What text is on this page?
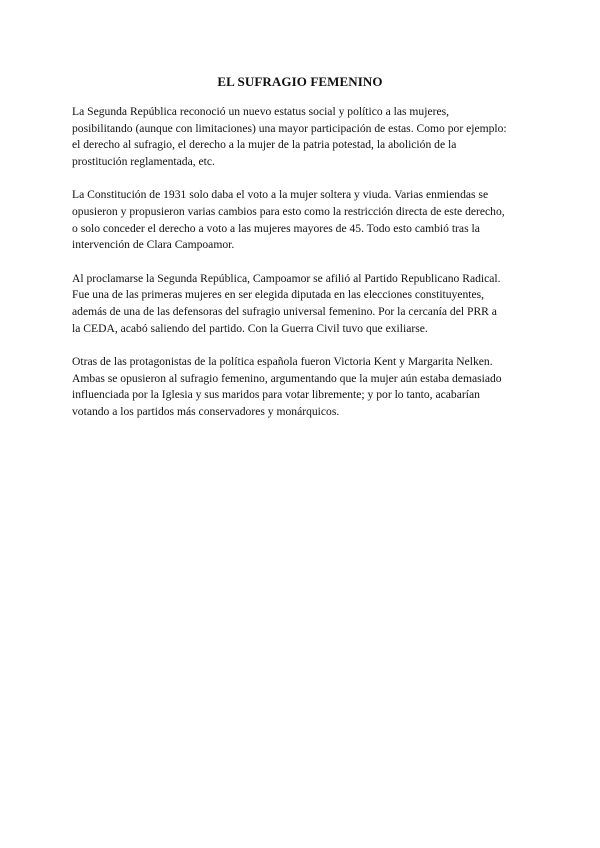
EL SUFRAGIO FEMENINO

La Segunda República reconoció un nuevo estatus social y político a las mujeres,
posibilitando (aunque con limitaciones) una mayor participación de estas. Como por ejemplo:
el derecho al sufragio, el derecho a la mujer de la patria potestad, la abolición de la
prostitución reglamentada, etc.

La Constitución de 1931 solo daba el voto a la mujer soltera y viuda. Varias enmiendas se
opusieron y propusieron varias cambios para esto como la restricción directa de este derecho,
o solo conceder el derecho a voto a las mujeres mayores de 45. Todo esto cambió tras la
intervención de Clara Campoamor.

Al proclamarse la Segunda República, Campoamor se afilió al Partido Republicano Radical.
Fue una de las primeras mujeres en ser elegida diputada en las elecciones constituyentes,
además de una de las defensoras del sufragio universal femenino. Por la cercanía del PRR a
la CEDA, acabó saliendo del partido. Con la Guerra Civil tuvo que exiliarse.

Otras de las protagonistas de la política española fueron Victoria Kent y Margarita Nelken.
Ambas se opusieron al sufragio femenino, argumentando que la mujer aún estaba demasiado
influenciada por la Iglesia y sus maridos para votar libremente; y por lo tanto, acabarían
votando a los partidos más conservadores y monárquicos.
